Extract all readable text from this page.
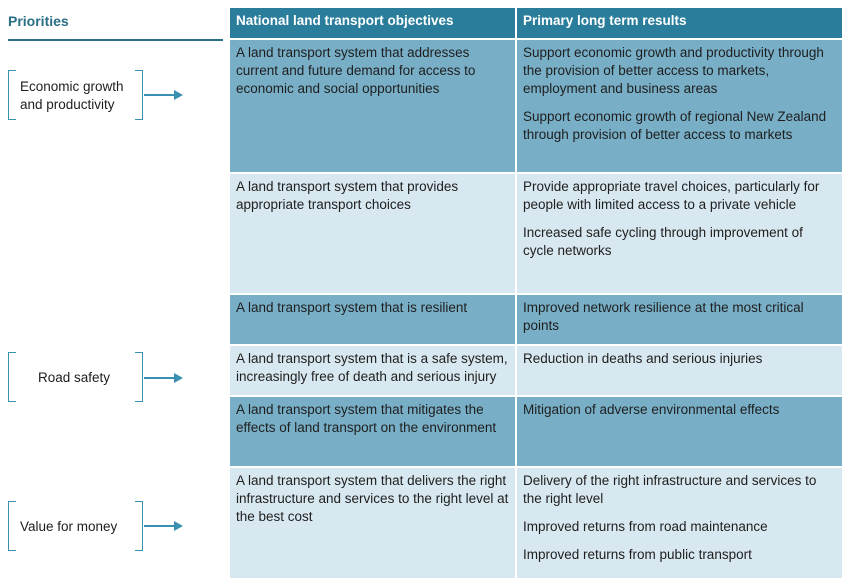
Priorities
Economic growth and productivity
Road safety
Value for money
National land transport objectives	Primary long term results
A land transport system that addresses current and future demand for access to economic and social opportunities

Support economic growth and productivity through the provision of better access to markets, employment and business areas

Support economic growth of regional New Zealand through provision of better access to markets

A land transport system that provides appropriate transport choices

Provide appropriate travel choices, particularly for people with limited access to a private vehicle

Increased safe cycling through improvement of cycle networks

A land transport system that is resilient	Improved network resilience at the most critical points

A land transport system that is a safe system, increasingly free of death and serious injury

Reduction in deaths and serious injuries

A land transport system that mitigates the effects of land transport on the environment

Mitigation of adverse environmental effects

A land transport system that delivers the right infrastructure and services to the right level at the best cost

Delivery of the right infrastructure and services to the right level

Improved returns from road maintenance

Improved returns from public transport
